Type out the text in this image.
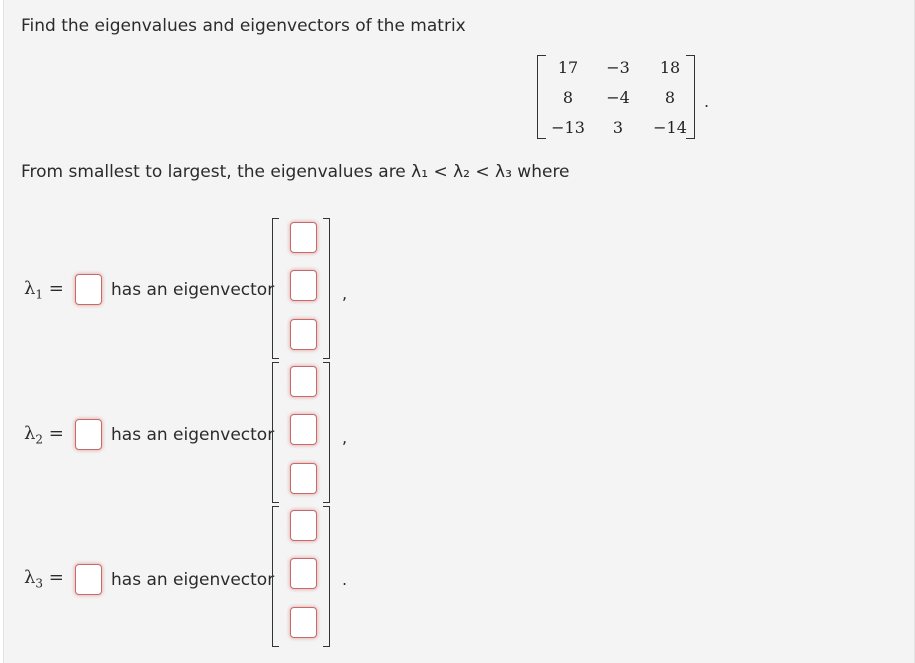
Find the eigenvalues and eigenvectors of the matrix
17	−3	18
8	−4	8
−13	3	−14
.
From smallest to largest, the eigenvalues are λ₁ < λ₂ < λ₃ where
$\lambda_1$ =	has an eigenvector	,
$\lambda_2$ =	has an eigenvector	,
$\lambda_3$ =	has an eigenvector	.
